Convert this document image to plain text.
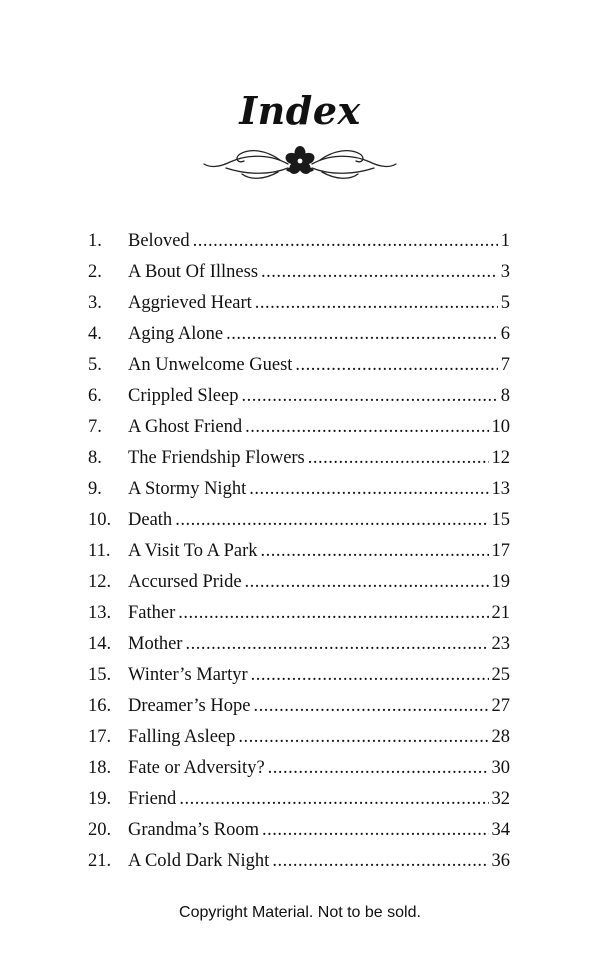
Index
1.	Beloved .....	1
2.	A Bout Of Illness .....	3
3.	Aggrieved Heart .....	5
4.	Aging Alone .....	6
5.	An Unwelcome Guest .....	7
6.	Crippled Sleep .....	8
7.	A Ghost Friend .....	10
8.	The Friendship Flowers .....	12
9.	A Stormy Night .....	13
10. Death .....	15
11. A Visit To A Park .....	17
12. Accursed Pride .....	19
13. Father .....	21
14. Mother .....	23
15. Winter’s Martyr .....	25
16. Dreamer’s Hope .....	27
17. Falling Asleep .....	28
18. Fate or Adversity? .....	30
19. Friend .....	32
20. Grandma’s Room .....	34
21. A Cold Dark Night .....	36
Copyright Material. Not to be sold.
